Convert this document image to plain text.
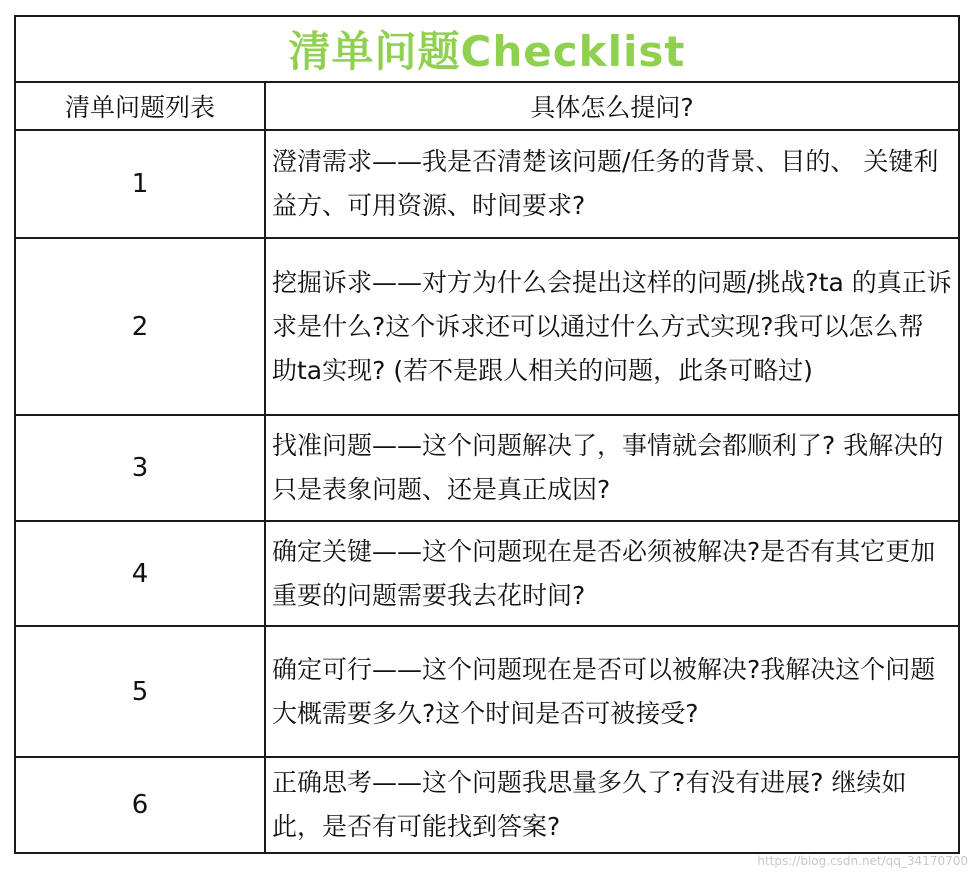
清单问题Checklist	
清单问题列表	具体怎么提问?
1	澄清需求——我是否清楚该问题/任务的背景、目的、 关键利益方、可用资源、时间要求?
2	挖掘诉求——对方为什么会提出这样的问题/挑战?ta 的真正诉求是什么?这个诉求还可以通过什么方式实现?我可以怎么帮 助ta实现? (若不是跟人相关的问题，此条可略过)
3	找准问题——这个问题解决了，事情就会都顺利了? 我解决的只是表象问题、还是真正成因?
4	确定关键——这个问题现在是否必须被解决?是否有其它更加重要的问题需要我去花时间?
5	确定可行——这个问题现在是否可以被解决?我解决这个问题大概需要多久?这个时间是否可被接受?
6	正确思考——这个问题我思量多久了?有没有进展? 继续如此，是否有可能找到答案?
https://blog.csdn.net/qq_34170700
